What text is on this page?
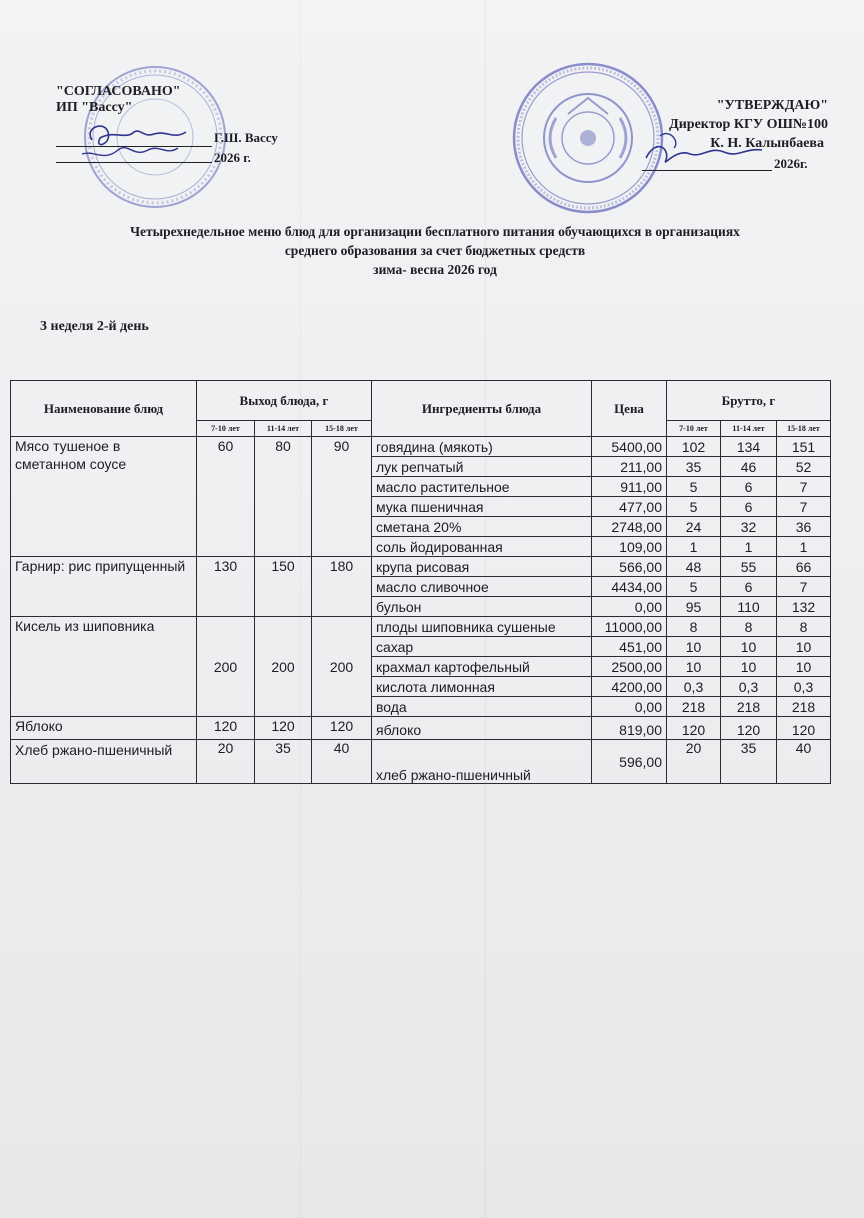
"СОГЛАСОВАНО"
ИП "Вассу"
Г.Ш. Вассу
2026 г.
"УТВЕРЖДАЮ"
Директор КГУ ОШ№100
К. Н. Калынбаева
2026г.
Четырехнедельное меню блюд для организации бесплатного питания обучающихся в организациях
среднего образования за счет бюджетных средств
зима- весна 2026 год
3 неделя 2-й день
Наименование блюд	Выход блюда, г			Ингредиенты блюда	Цена	Брутто, г		
	7-10 лет	11-14 лет	15-18 лет			7-10 лет	11-14 лет	15-18 лет
Мясо тушеное в сметанном соусе	60	80	90	говядина (мякоть)	5400,00	102	134	151
				лук репчатый	211,00	35	46	52
				масло растительное	911,00	5	6	7
				мука пшеничная	477,00	5	6	7
				сметана 20%	2748,00	24	32	36
				соль йодированная	109,00	1	1	1
Гарнир: рис припущенный	130	150	180	крупа рисовая	566,00	48	55	66
				масло сливочное	4434,00	5	6	7
				бульон	0,00	95	110	132
Кисель из шиповника	200	200	200	плоды шиповника сушеные	11000,00	8	8	8
				сахар	451,00	10	10	10
				крахмал картофельный	2500,00	10	10	10
				кислота лимонная	4200,00	0,3	0,3	0,3
				вода	0,00	218	218	218
Яблоко	120	120	120	яблоко	819,00	120	120	120
Хлеб ржано-пшеничный	20	35	40	хлеб ржано-пшеничный	596,00	20	35	40
